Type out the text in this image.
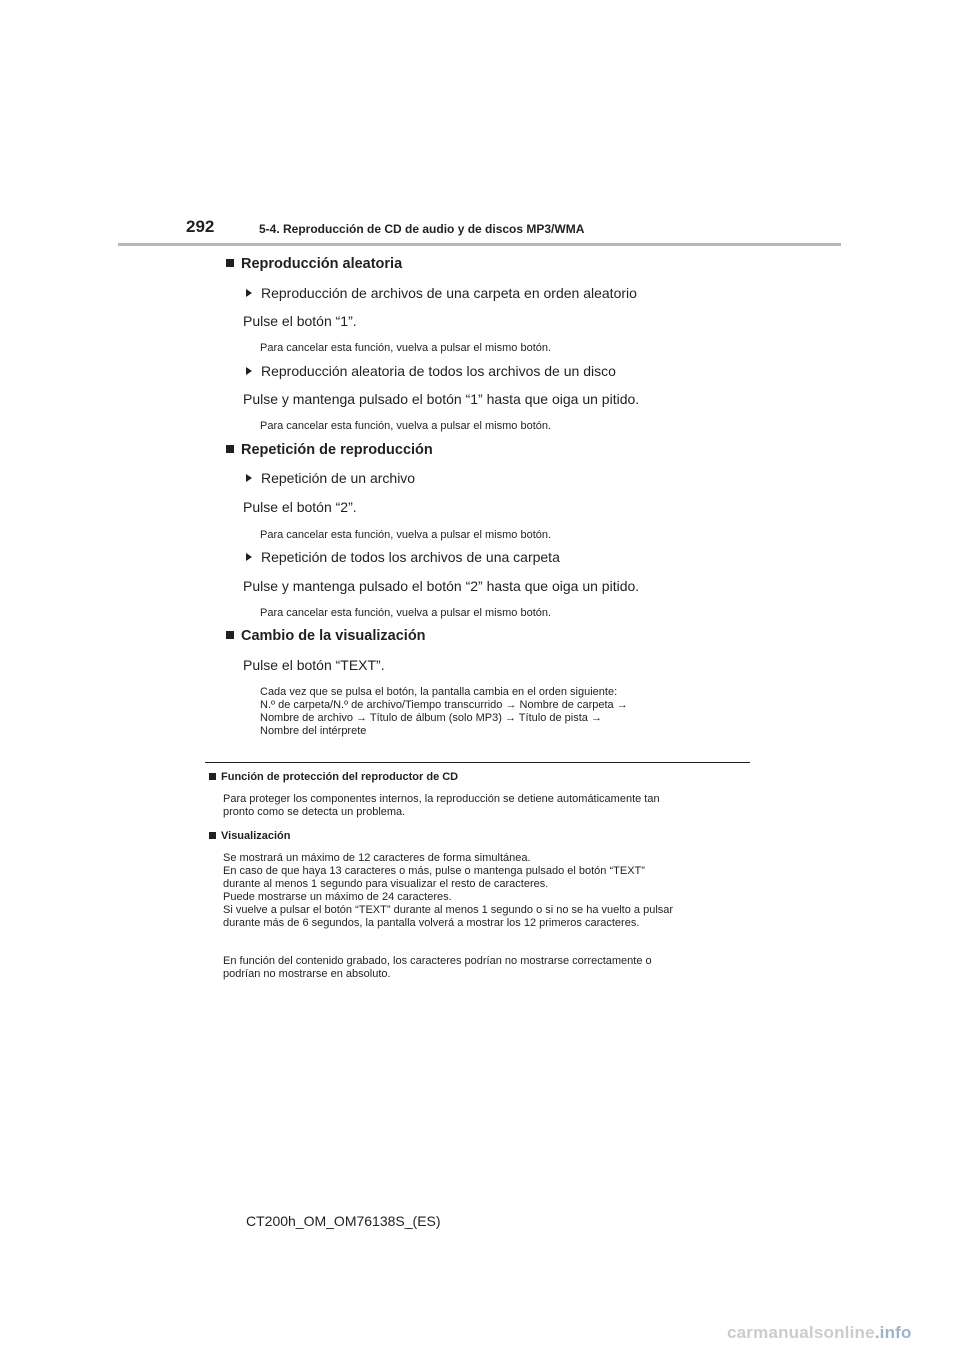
292	5-4. Reproducción de CD de audio y de discos MP3/WMA
Reproducción aleatoria
Reproducción de archivos de una carpeta en orden aleatorio
Pulse el botón “1”.
Para cancelar esta función, vuelva a pulsar el mismo botón.
Reproducción aleatoria de todos los archivos de un disco
Pulse y mantenga pulsado el botón “1” hasta que oiga un pitido.
Para cancelar esta función, vuelva a pulsar el mismo botón.
Repetición de reproducción
Repetición de un archivo
Pulse el botón “2”.
Para cancelar esta función, vuelva a pulsar el mismo botón.
Repetición de todos los archivos de una carpeta
Pulse y mantenga pulsado el botón “2” hasta que oiga un pitido.
Para cancelar esta función, vuelva a pulsar el mismo botón.
Cambio de la visualización
Pulse el botón “TEXT”.
Cada vez que se pulsa el botón, la pantalla cambia en el orden siguiente:
N.º de carpeta/N.º de archivo/Tiempo transcurrido → Nombre de carpeta →
Nombre de archivo → Título de álbum (solo MP3) → Título de pista →
Nombre del intérprete
Función de protección del reproductor de CD
Para proteger los componentes internos, la reproducción se detiene automáticamente tan
pronto como se detecta un problema.
Visualización
Se mostrará un máximo de 12 caracteres de forma simultánea.
En caso de que haya 13 caracteres o más, pulse o mantenga pulsado el botón “TEXT”
durante al menos 1 segundo para visualizar el resto de caracteres.
Puede mostrarse un máximo de 24 caracteres.
Si vuelve a pulsar el botón “TEXT” durante al menos 1 segundo o si no se ha vuelto a pulsar
durante más de 6 segundos, la pantalla volverá a mostrar los 12 primeros caracteres.
En función del contenido grabado, los caracteres podrían no mostrarse correctamente o
podrían no mostrarse en absoluto.
CT200h_OM_OM76138S_(ES)
carmanualsonline.info
